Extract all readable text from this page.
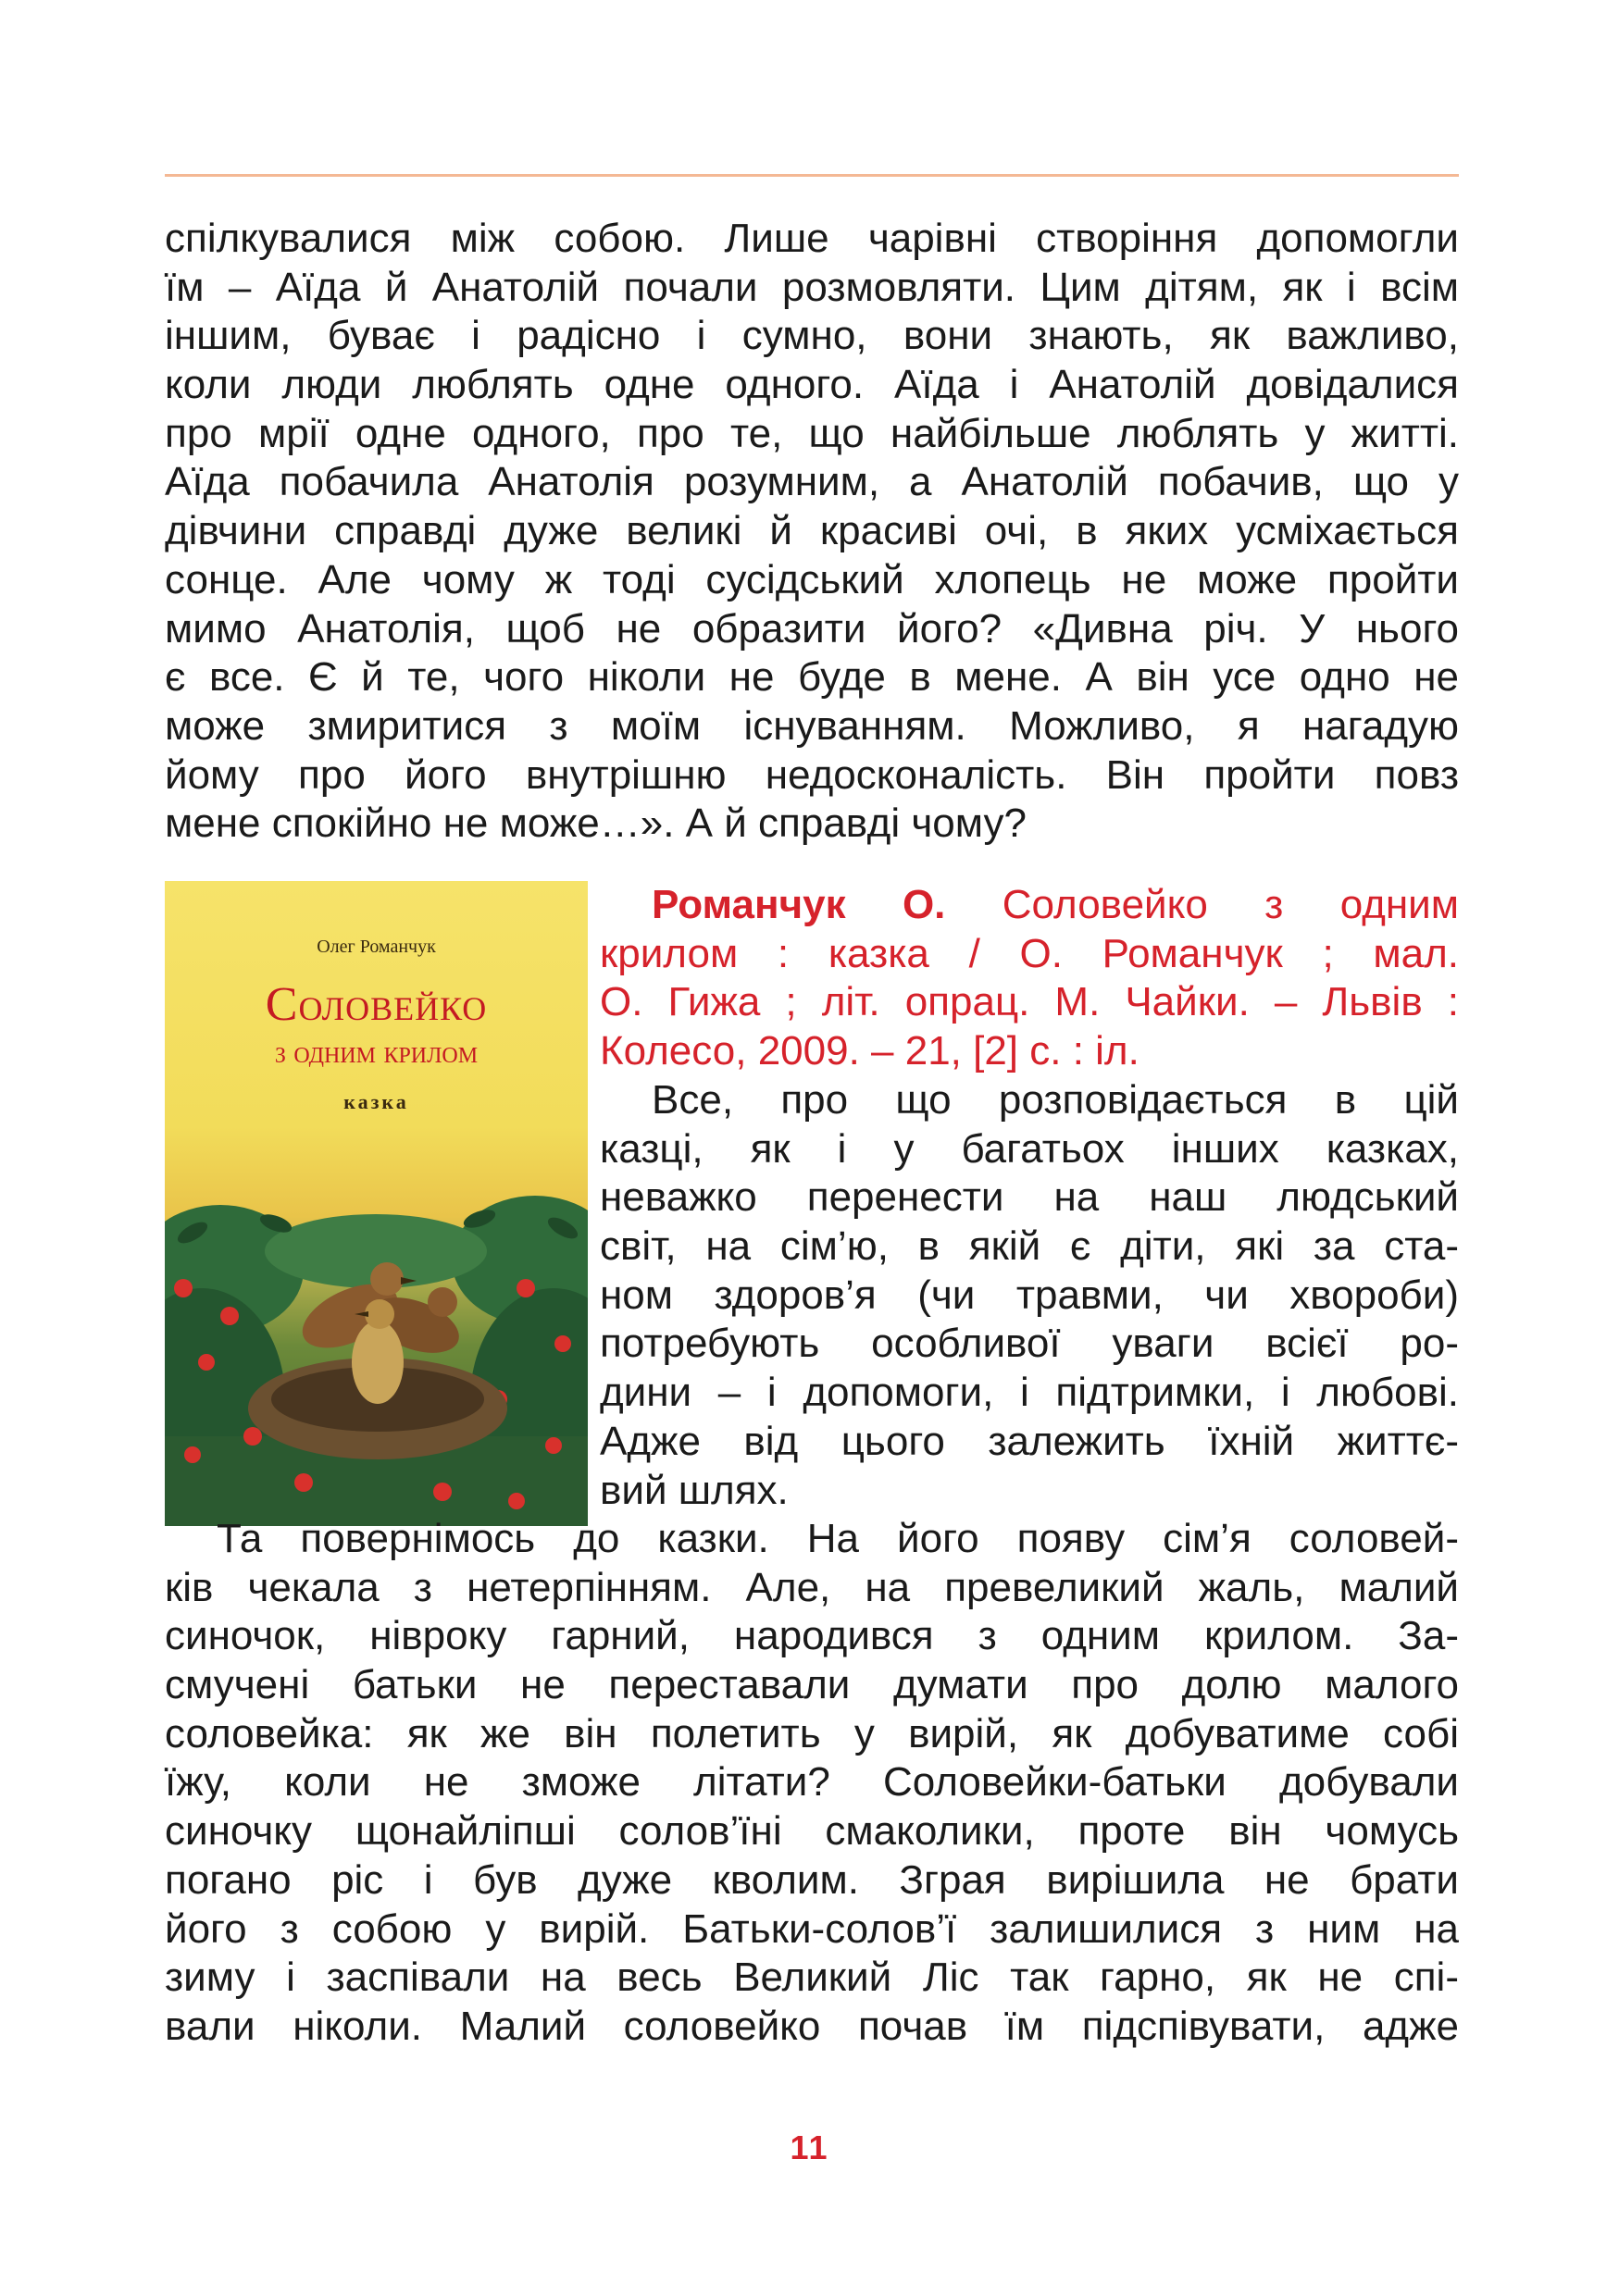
спілкувалися між собою. Лише чарівні створіння допомогли
їм – Аїда й Анатолій почали розмовляти. Цим дітям, як і всім
іншим, буває і радісно і сумно, вони знають, як важливо,
коли люди люблять одне одного. Аїда і Анатолій довідалися
про мрії одне одного, про те, що найбільше люблять у житті.
Аїда побачила Анатолія розумним, а Анатолій побачив, що у
дівчини справді дуже великі й красиві очі, в яких усміхається
сонце. Але чому ж тоді сусідський хлопець не може пройти
мимо Анатолія, щоб не образити його? «Дивна річ. У нього
є все. Є й те, чого ніколи не буде в мене. А він усе одно не
може змиритися з моїм існуванням. Можливо, я нагадую
йому про його внутрішню недосконалість. Він пройти повз
мене спокійно не може…». А й справді чому?
Олег Романчук
Соловейко
з одним крилом
казка
Романчук О. Соловейко з одним
крилом : казка / О. Романчук ; мал.
О. Гижа ; літ. опрац. М. Чайки. – Львів :
Колесо, 2009. – 21, [2] с. : іл.
Все, про що розповідається в цій
казці, як і у багатьох інших казках,
неважко перенести на наш людський
світ, на сім’ю, в якій є діти, які за ста-
ном здоров’я (чи травми, чи хвороби)
потребують особливої уваги всієї ро-
дини – і допомоги, і підтримки, і любові.
Адже від цього залежить їхній життє-
вий шлях.
Та повернімось до казки. На його появу сім’я соловей-
ків чекала з нетерпінням. Але, на превеликий жаль, малий
синочок, нівроку гарний, народився з одним крилом. За-
смучені батьки не переставали думати про долю малого
соловейка: як же він полетить у вирій, як добуватиме собі
їжу, коли не зможе літати? Соловейки-батьки добували
синочку щонайліпші солов’їні смаколики, проте він чомусь
погано ріс і був дуже кволим. Зграя вирішила не брати
його з собою у вирій. Батьки-солов’ї залишилися з ним на
зиму і заспівали на весь Великий Ліс так гарно, як не спі-
вали ніколи. Малий соловейко почав їм підспівувати, адже
11
